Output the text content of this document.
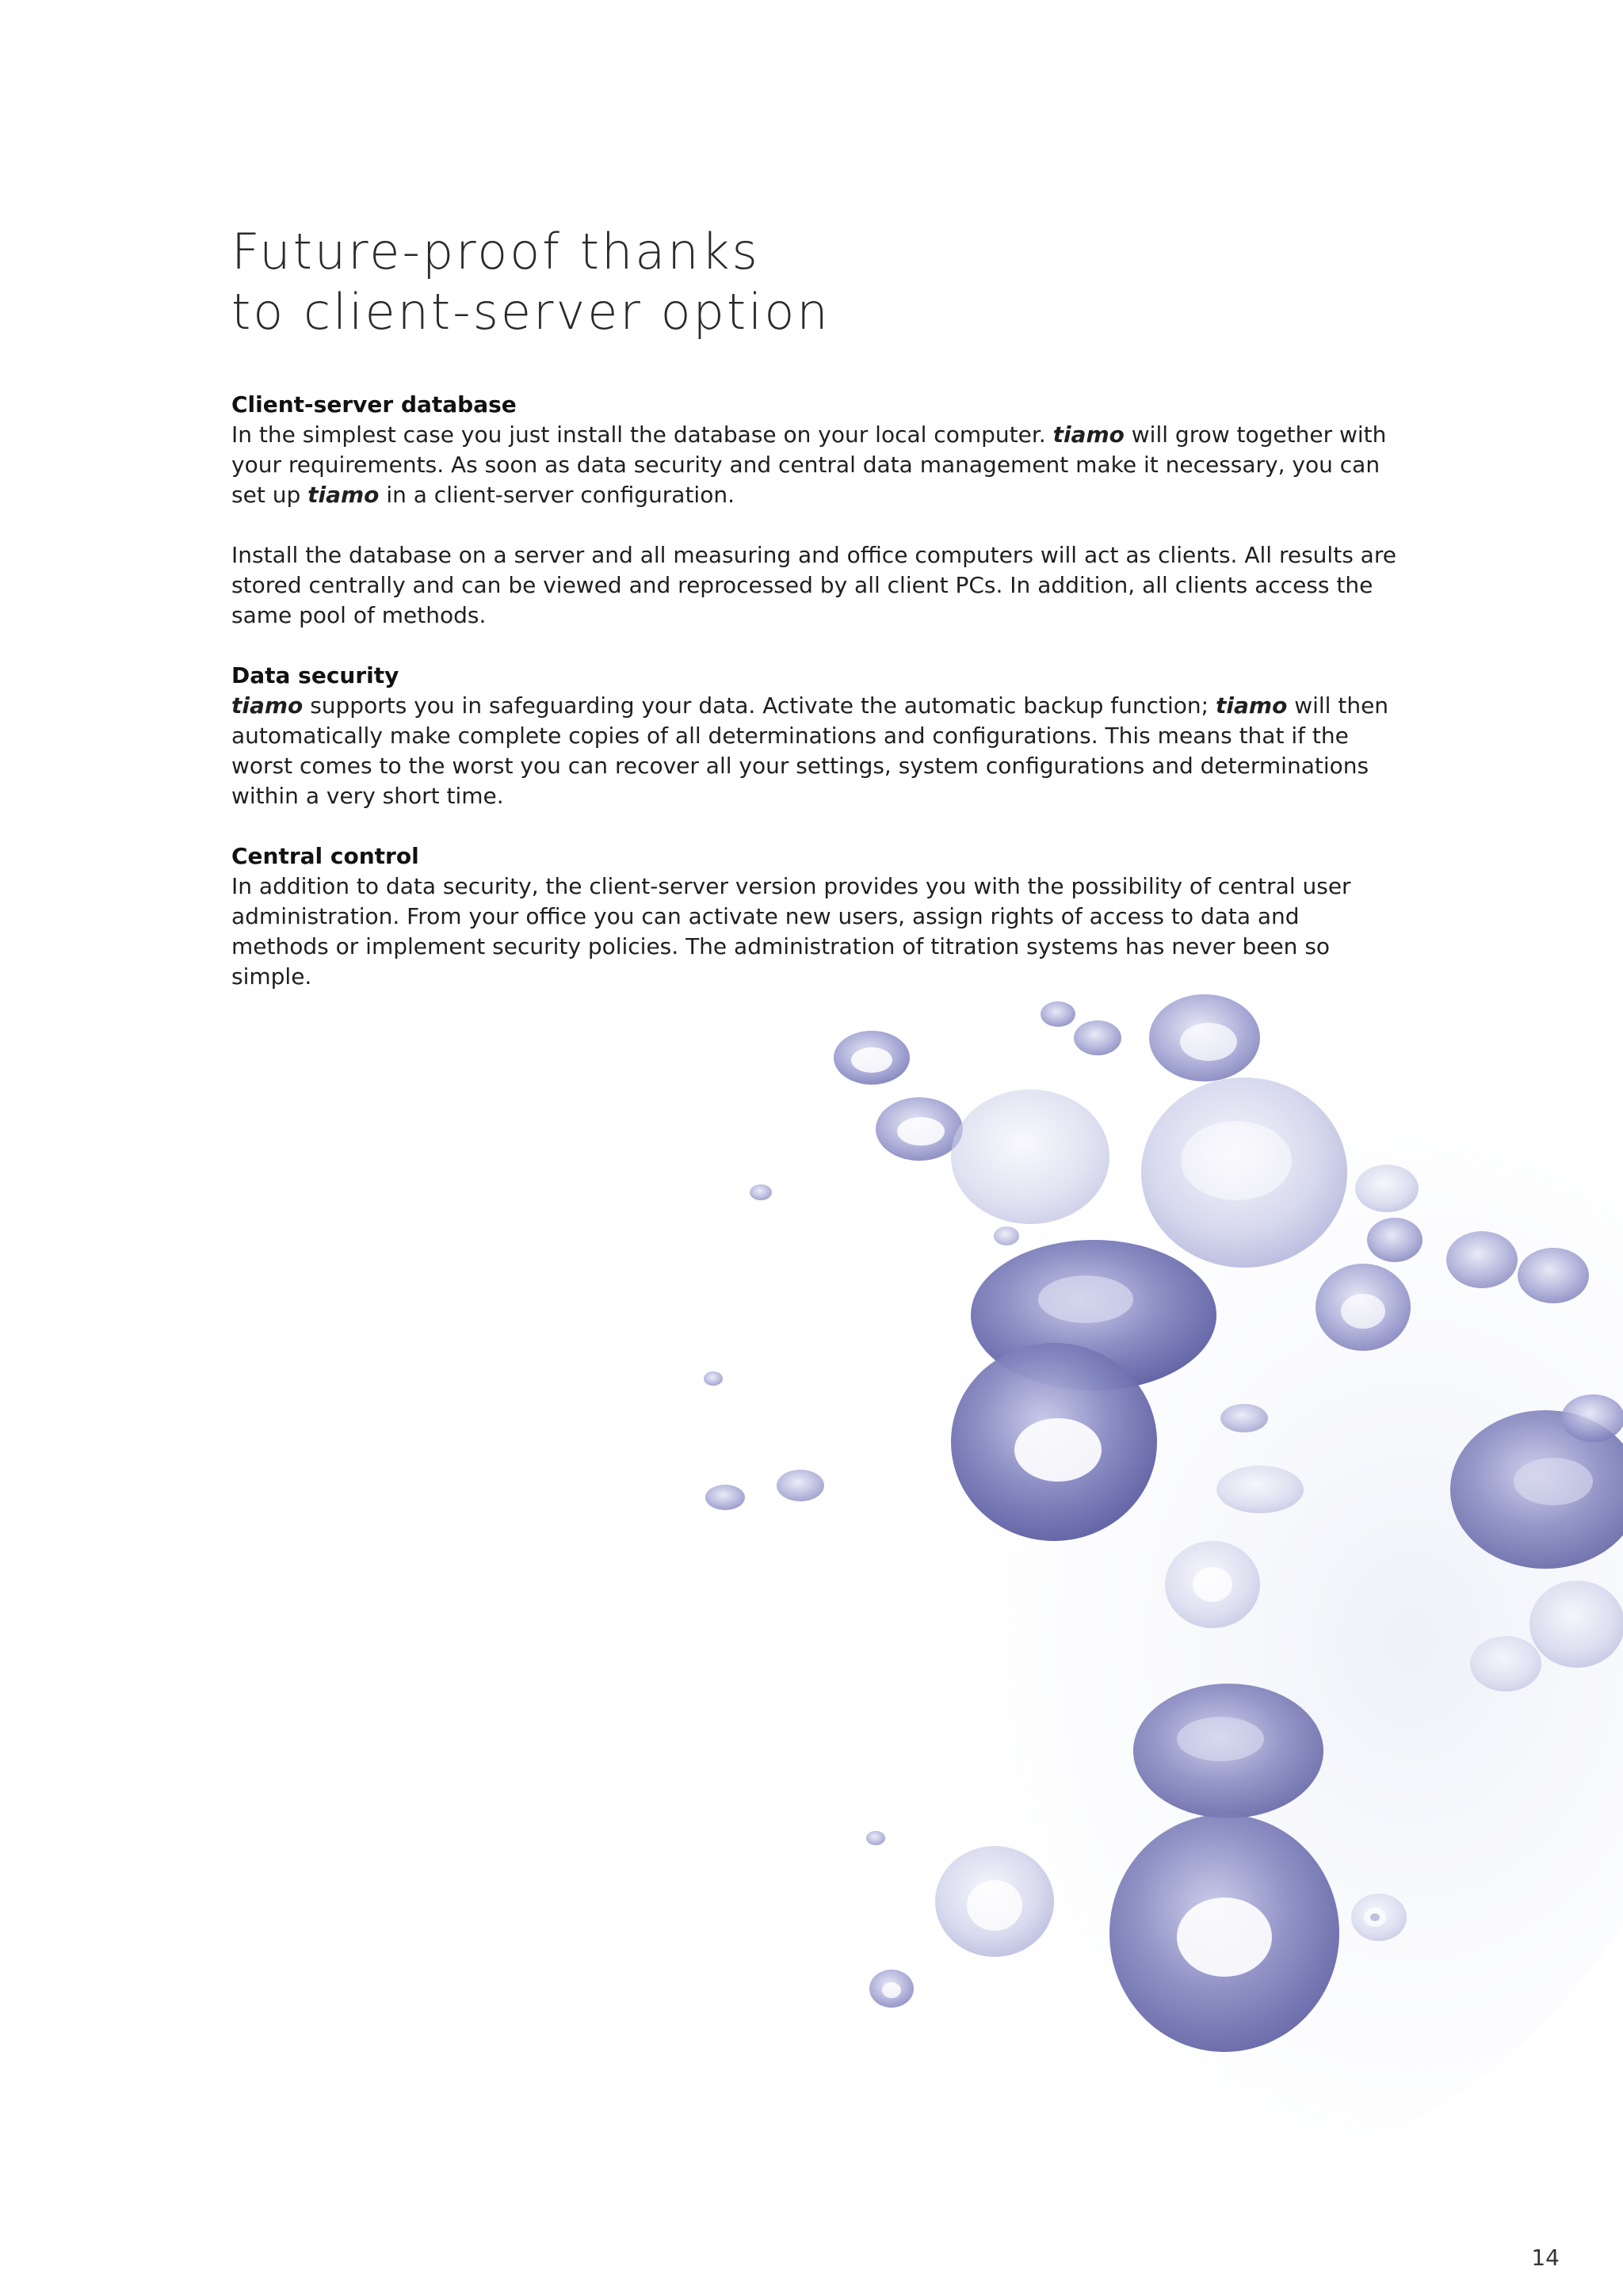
Future-proof thanks
to client-server option
Client-server database

In the simplest case you just install the database on your local computer. tiamo will grow together with your requirements. As soon as data security and central data management make it necessary, you can set up tiamo in a client-server configuration.

Install the database on a server and all measuring and office computers will act as clients. All results are stored centrally and can be viewed and reprocessed by all client PCs. In addition, all clients access the same pool of methods.

Data security

tiamo supports you in safeguarding your data. Activate the automatic backup function; tiamo will then automatically make complete copies of all determinations and configurations. This means that if the worst comes to the worst you can recover all your settings, system configurations and determinations within a very short time.

Central control

In addition to data security, the client-server version provides you with the possibility of central user administration. From your office you can activate new users, assign rights of access to data and methods or implement security policies. The administration of titration systems has never been so simple.

14
